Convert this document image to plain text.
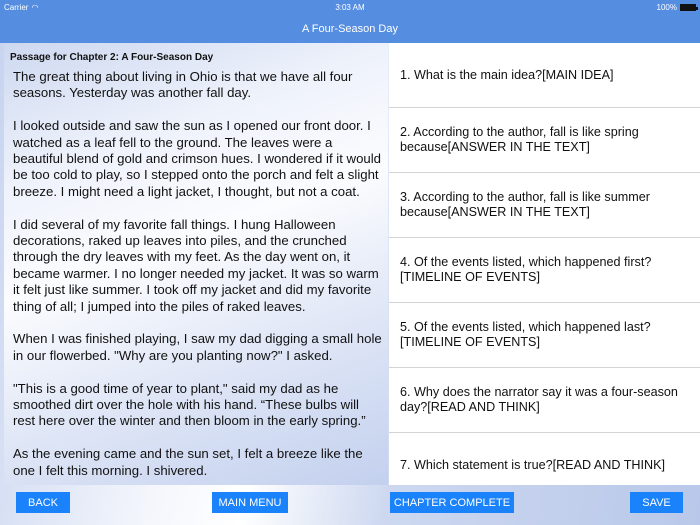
Carrier ◠	3:03 AM	100%
A Four-Season Day
Passage for Chapter 2: A Four-Season Day

The great thing about living in Ohio is that we have all four seasons. Yesterday was another fall day.

I looked outside and saw the sun as I opened our front door. I watched as a leaf fell to the ground. The leaves were a beautiful blend of gold and crimson hues. I wondered if it would be too cold to play, so I stepped onto the porch and felt a slight breeze. I might need a light jacket, I thought, but not a coat.

I did several of my favorite fall things. I hung Halloween decorations, raked up leaves into piles, and the crunched through the dry leaves with my feet. As the day went on, it became warmer. I no longer needed my jacket. It was so warm it felt just like summer. I took off my jacket and did my favorite thing of all; I jumped into the piles of raked leaves.

When I was finished playing, I saw my dad digging a small hole in our flowerbed. "Why are you planting now?" I asked.

"This is a good time of year to plant," said my dad as he smoothed dirt over the hole with his hand. “These bulbs will rest here over the winter and then bloom in the early spring.”

As the evening came and the sun set, I felt a breeze like the one I felt this morning. I shivered.

1. What is the main idea?[MAIN IDEA]
2. According to the author, fall is like spring because[ANSWER IN THE TEXT]
3. According to the author, fall is like summer because[ANSWER IN THE TEXT]
4. Of the events listed, which happened first?[TIMELINE OF EVENTS]
5. Of the events listed, which happened last?[TIMELINE OF EVENTS]
6. Why does the narrator say it was a four-season day?[READ AND THINK]
7. Which statement is true?[READ AND THINK]
BACK	MAIN MENU	CHAPTER COMPLETE	SAVE
